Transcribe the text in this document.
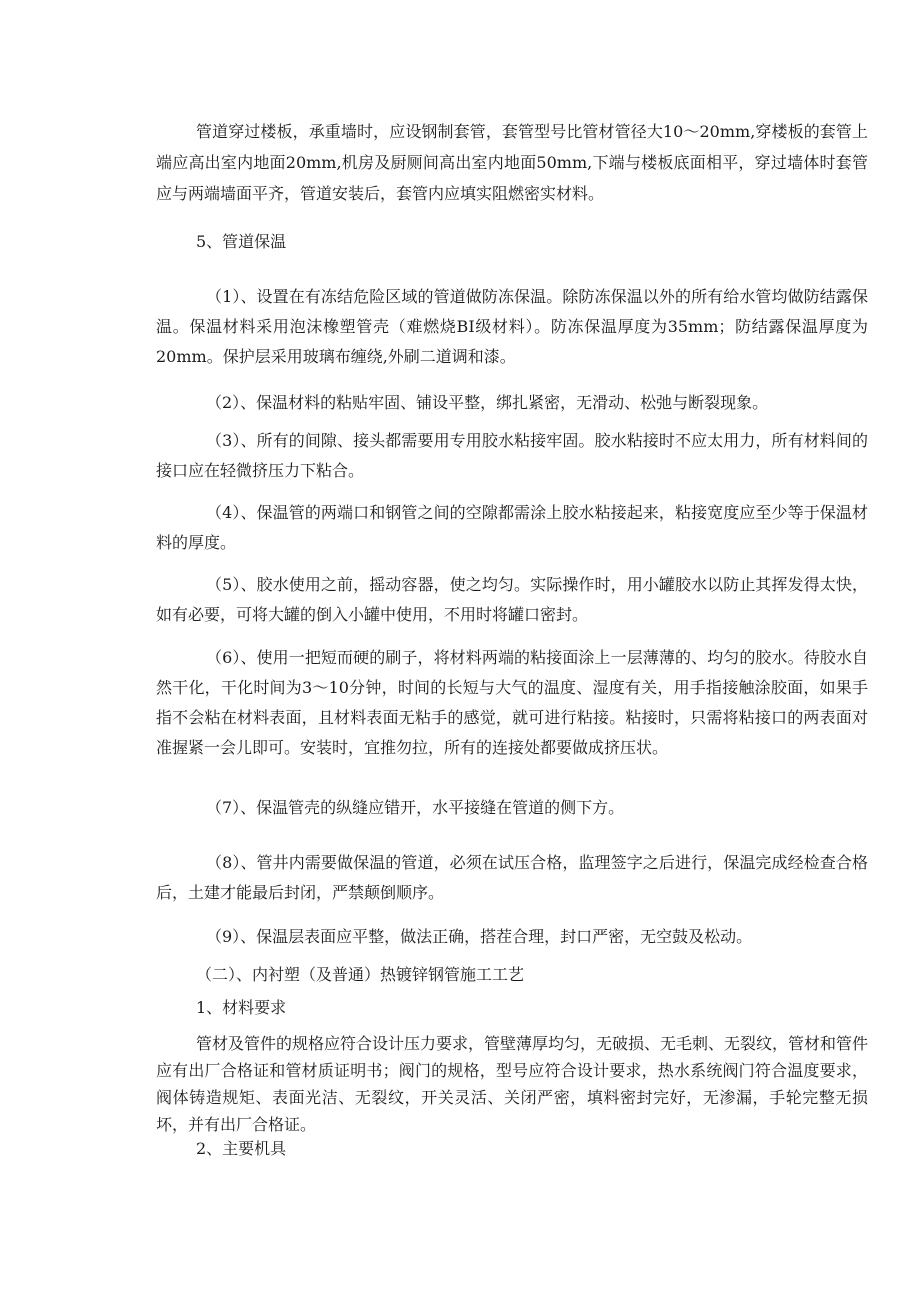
管道穿过楼板，承重墙时，应设钢制套管，套管型号比管材管径大10～20mm,穿楼板的套管上端应高出室内地面20mm,机房及厨厕间高出室内地面50mm,下端与楼板底面相平，穿过墙体时套管应与两端墙面平齐，管道安装后，套管内应填实阻燃密实材料。

5、管道保温

（1）、设置在有冻结危险区域的管道做防冻保温。除防冻保温以外的所有给水管均做防结露保温。保温材料采用泡沫橡塑管壳（难燃烧BI级材料）。防冻保温厚度为35mm；防结露保温厚度为20mm。保护层采用玻璃布缠绕,外刷二道调和漆。

（2）、保温材料的粘贴牢固、铺设平整，绑扎紧密，无滑动、松弛与断裂现象。

（3）、所有的间隙、接头都需要用专用胶水粘接牢固。胶水粘接时不应太用力，所有材料间的接口应在轻微挤压力下粘合。

（4）、保温管的两端口和钢管之间的空隙都需涂上胶水粘接起来，粘接宽度应至少等于保温材料的厚度。

（5）、胶水使用之前，摇动容器，使之均匀。实际操作时，用小罐胶水以防止其挥发得太快，如有必要，可将大罐的倒入小罐中使用，不用时将罐口密封。

（6）、使用一把短而硬的刷子，将材料两端的粘接面涂上一层薄薄的、均匀的胶水。待胶水自然干化，干化时间为3～10分钟，时间的长短与大气的温度、湿度有关，用手指接触涂胶面，如果手指不会粘在材料表面，且材料表面无粘手的感觉，就可进行粘接。粘接时，只需将粘接口的两表面对准握紧一会儿即可。安装时，宜推勿拉，所有的连接处都要做成挤压状。

（7）、保温管壳的纵缝应错开，水平接缝在管道的侧下方。

（8）、管井内需要做保温的管道，必须在试压合格，监理签字之后进行，保温完成经检查合格后，土建才能最后封闭，严禁颠倒顺序。

（9）、保温层表面应平整，做法正确，搭茬合理，封口严密，无空鼓及松动。

（二）、内衬塑（及普通）热镀锌钢管施工工艺

1、材料要求

管材及管件的规格应符合设计压力要求，管壁薄厚均匀，无破损、无毛刺、无裂纹，管材和管件应有出厂合格证和管材质证明书；阀门的规格，型号应符合设计要求，热水系统阀门符合温度要求，阀体铸造规矩、表面光洁、无裂纹，开关灵活、关闭严密，填料密封完好，无渗漏，手轮完整无损坏，并有出厂合格证。

2、主要机具
